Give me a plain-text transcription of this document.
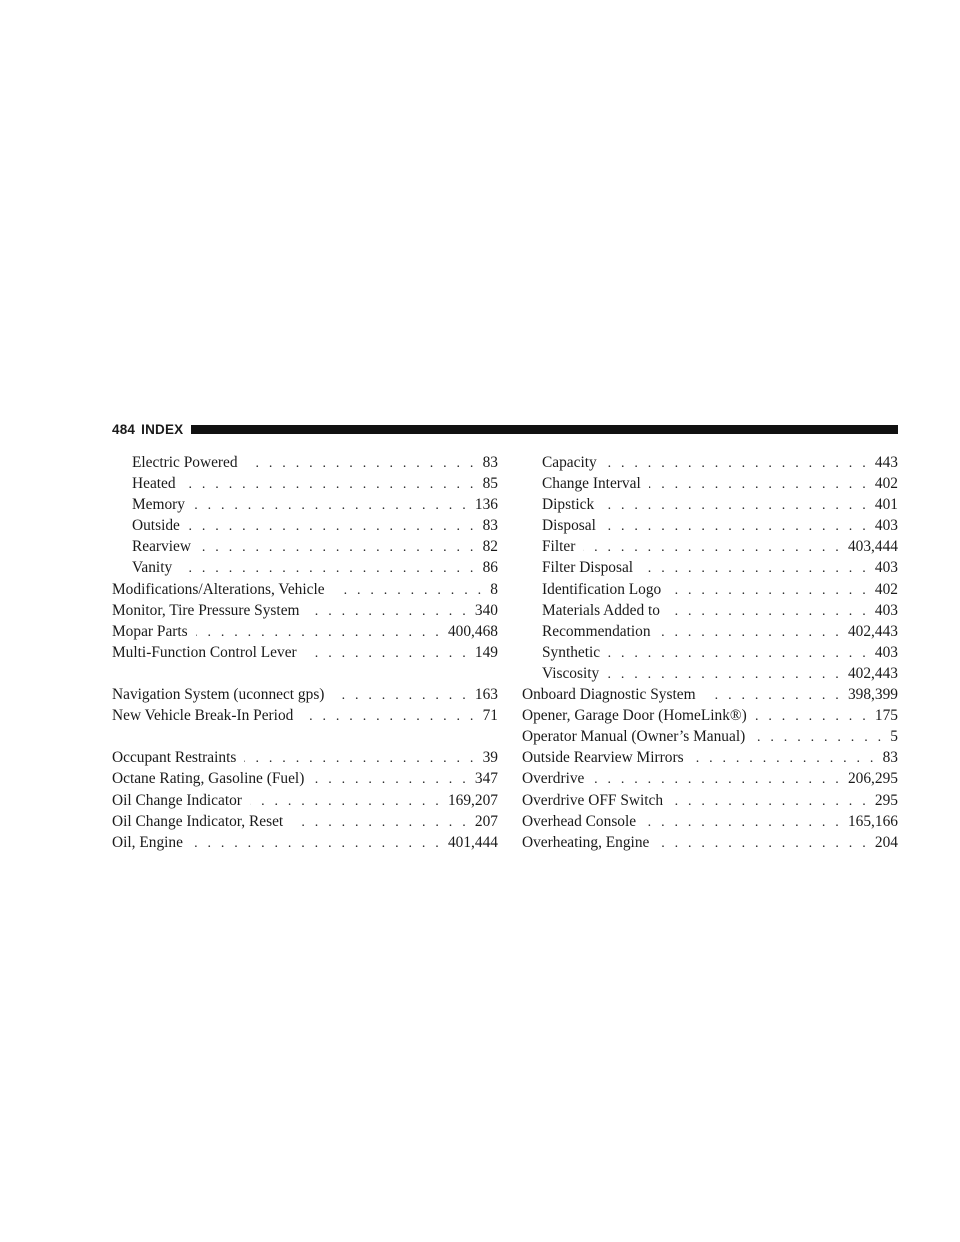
484 INDEX
Electric Powered . . .	83
Heated . . .	85
Memory . . .	136
Outside . . .	83
Rearview . . .	82
Vanity . . .	86
Modifications/Alterations, Vehicle . . .	8
Monitor, Tire Pressure System . . .	340
Mopar Parts . . .	400,468
Multi-Function Control Lever . . .	149
Navigation System (uconnect gps) . . .	163
New Vehicle Break-In Period . . .	71
Occupant Restraints . . .	39
Octane Rating, Gasoline (Fuel) . . .	347
Oil Change Indicator . . .	169,207
Oil Change Indicator, Reset . . .	207
Oil, Engine . . .	401,444
Capacity . . .	443
Change Interval . . .	402
Dipstick . . .	401
Disposal . . .	403
Filter . . .	403,444
Filter Disposal . . .	403
Identification Logo . . .	402
Materials Added to . . .	403
Recommendation . . .	402,443
Synthetic . . .	403
Viscosity . . .	402,443
Onboard Diagnostic System . . .	398,399
Opener, Garage Door (HomeLink®) . . .	175
Operator Manual (Owner’s Manual) . . .	5
Outside Rearview Mirrors . . .	83
Overdrive . . .	206,295
Overdrive OFF Switch . . .	295
Overhead Console . . .	165,166
Overheating, Engine . . .	204
